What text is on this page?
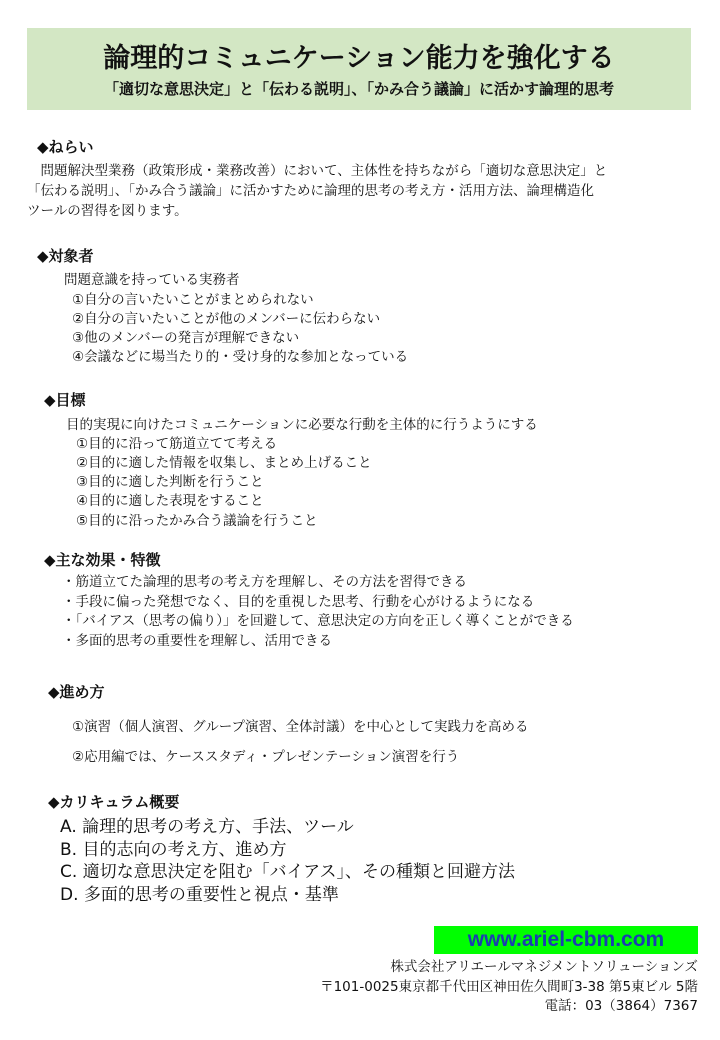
論理的コミュニケーション能力を強化する
「適切な意思決定」と「伝わる説明」、「かみ合う議論」に活かす論理的思考
◆ねらい
　問題解決型業務（政策形成・業務改善）において、主体性を持ちながら「適切な意思決定」と
「伝わる説明」、「かみ合う議論」に活かすために論理的思考の考え方・活用方法、論理構造化
ツールの習得を図ります。
◆対象者
問題意識を持っている実務者
①自分の言いたいことがまとめられない
②自分の言いたいことが他のメンバーに伝わらない
③他のメンバーの発言が理解できない
④会議などに場当たり的・受け身的な参加となっている
◆目標
目的実現に向けたコミュニケーションに必要な行動を主体的に行うようにする
①目的に沿って筋道立てて考える
②目的に適した情報を収集し、まとめ上げること
③目的に適した判断を行うこと
④目的に適した表現をすること
⑤目的に沿ったかみ合う議論を行うこと
◆主な効果・特徴
・筋道立てた論理的思考の考え方を理解し、その方法を習得できる
・手段に偏った発想でなく、目的を重視した思考、行動を心がけるようになる
・「バイアス（思考の偏り）」を回避して、意思決定の方向を正しく導くことができる
・多面的思考の重要性を理解し、活用できる
◆進め方
①演習（個人演習、グループ演習、全体討議）を中心として実践力を高める
②応用編では、ケーススタディ・プレゼンテーション演習を行う
◆カリキュラム概要
A. 論理的思考の考え方、手法、ツール
B. 目的志向の考え方、進め方
C. 適切な意思決定を阻む「バイアス」、その種類と回避方法
D. 多面的思考の重要性と視点・基準
www.ariel-cbm.com
株式会社アリエールマネジメントソリューションズ
〒101-0025東京都千代田区神田佐久間町3-38 第5東ビル 5階
電話：03（3864）7367
